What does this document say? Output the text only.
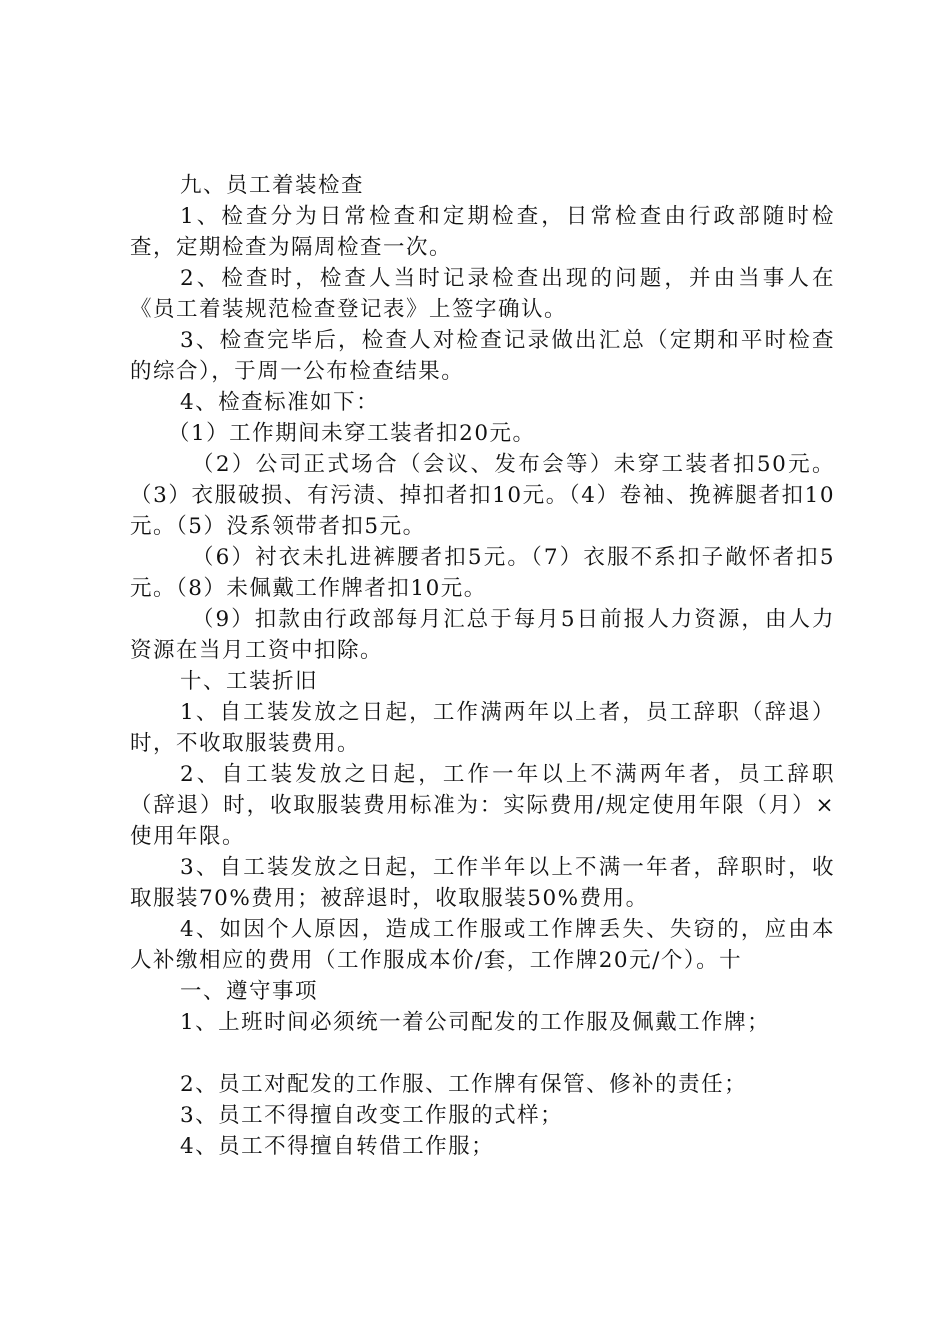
九、员工着装检查

1、检查分为日常检查和定期检查，日常检查由行政部随时检查，定期检查为隔周检查一次。

2、检查时，检查人当时记录检查出现的问题，并由当事人在《员工着装规范检查登记表》上签字确认。

3、检查完毕后，检查人对检查记录做出汇总（定期和平时检查的综合），于周一公布检查结果。

4、检查标准如下：

（1）工作期间未穿工装者扣20元。

（2）公司正式场合（会议、发布会等）未穿工装者扣50元。（3）衣服破损、有污渍、掉扣者扣10元。（4）卷袖、挽裤腿者扣10元。（5）没系领带者扣5元。

（6）衬衣未扎进裤腰者扣5元。（7）衣服不系扣子敞怀者扣5元。（8）未佩戴工作牌者扣10元。

（9）扣款由行政部每月汇总于每月5日前报人力资源，由人力资源在当月工资中扣除。

十、工装折旧

1、自工装发放之日起，工作满两年以上者，员工辞职（辞退）时，不收取服装费用。

2、自工装发放之日起，工作一年以上不满两年者，员工辞职（辞退）时，收取服装费用标准为：实际费用/规定使用年限（月）×使用年限。

3、自工装发放之日起，工作半年以上不满一年者，辞职时，收取服装70%费用；被辞退时，收取服装50%费用。

4、如因个人原因，造成工作服或工作牌丢失、失窃的，应由本人补缴相应的费用（工作服成本价/套，工作牌20元/个）。十

一、遵守事项

1、上班时间必须统一着公司配发的工作服及佩戴工作牌；

2、员工对配发的工作服、工作牌有保管、修补的责任；

3、员工不得擅自改变工作服的式样；

4、员工不得擅自转借工作服；
